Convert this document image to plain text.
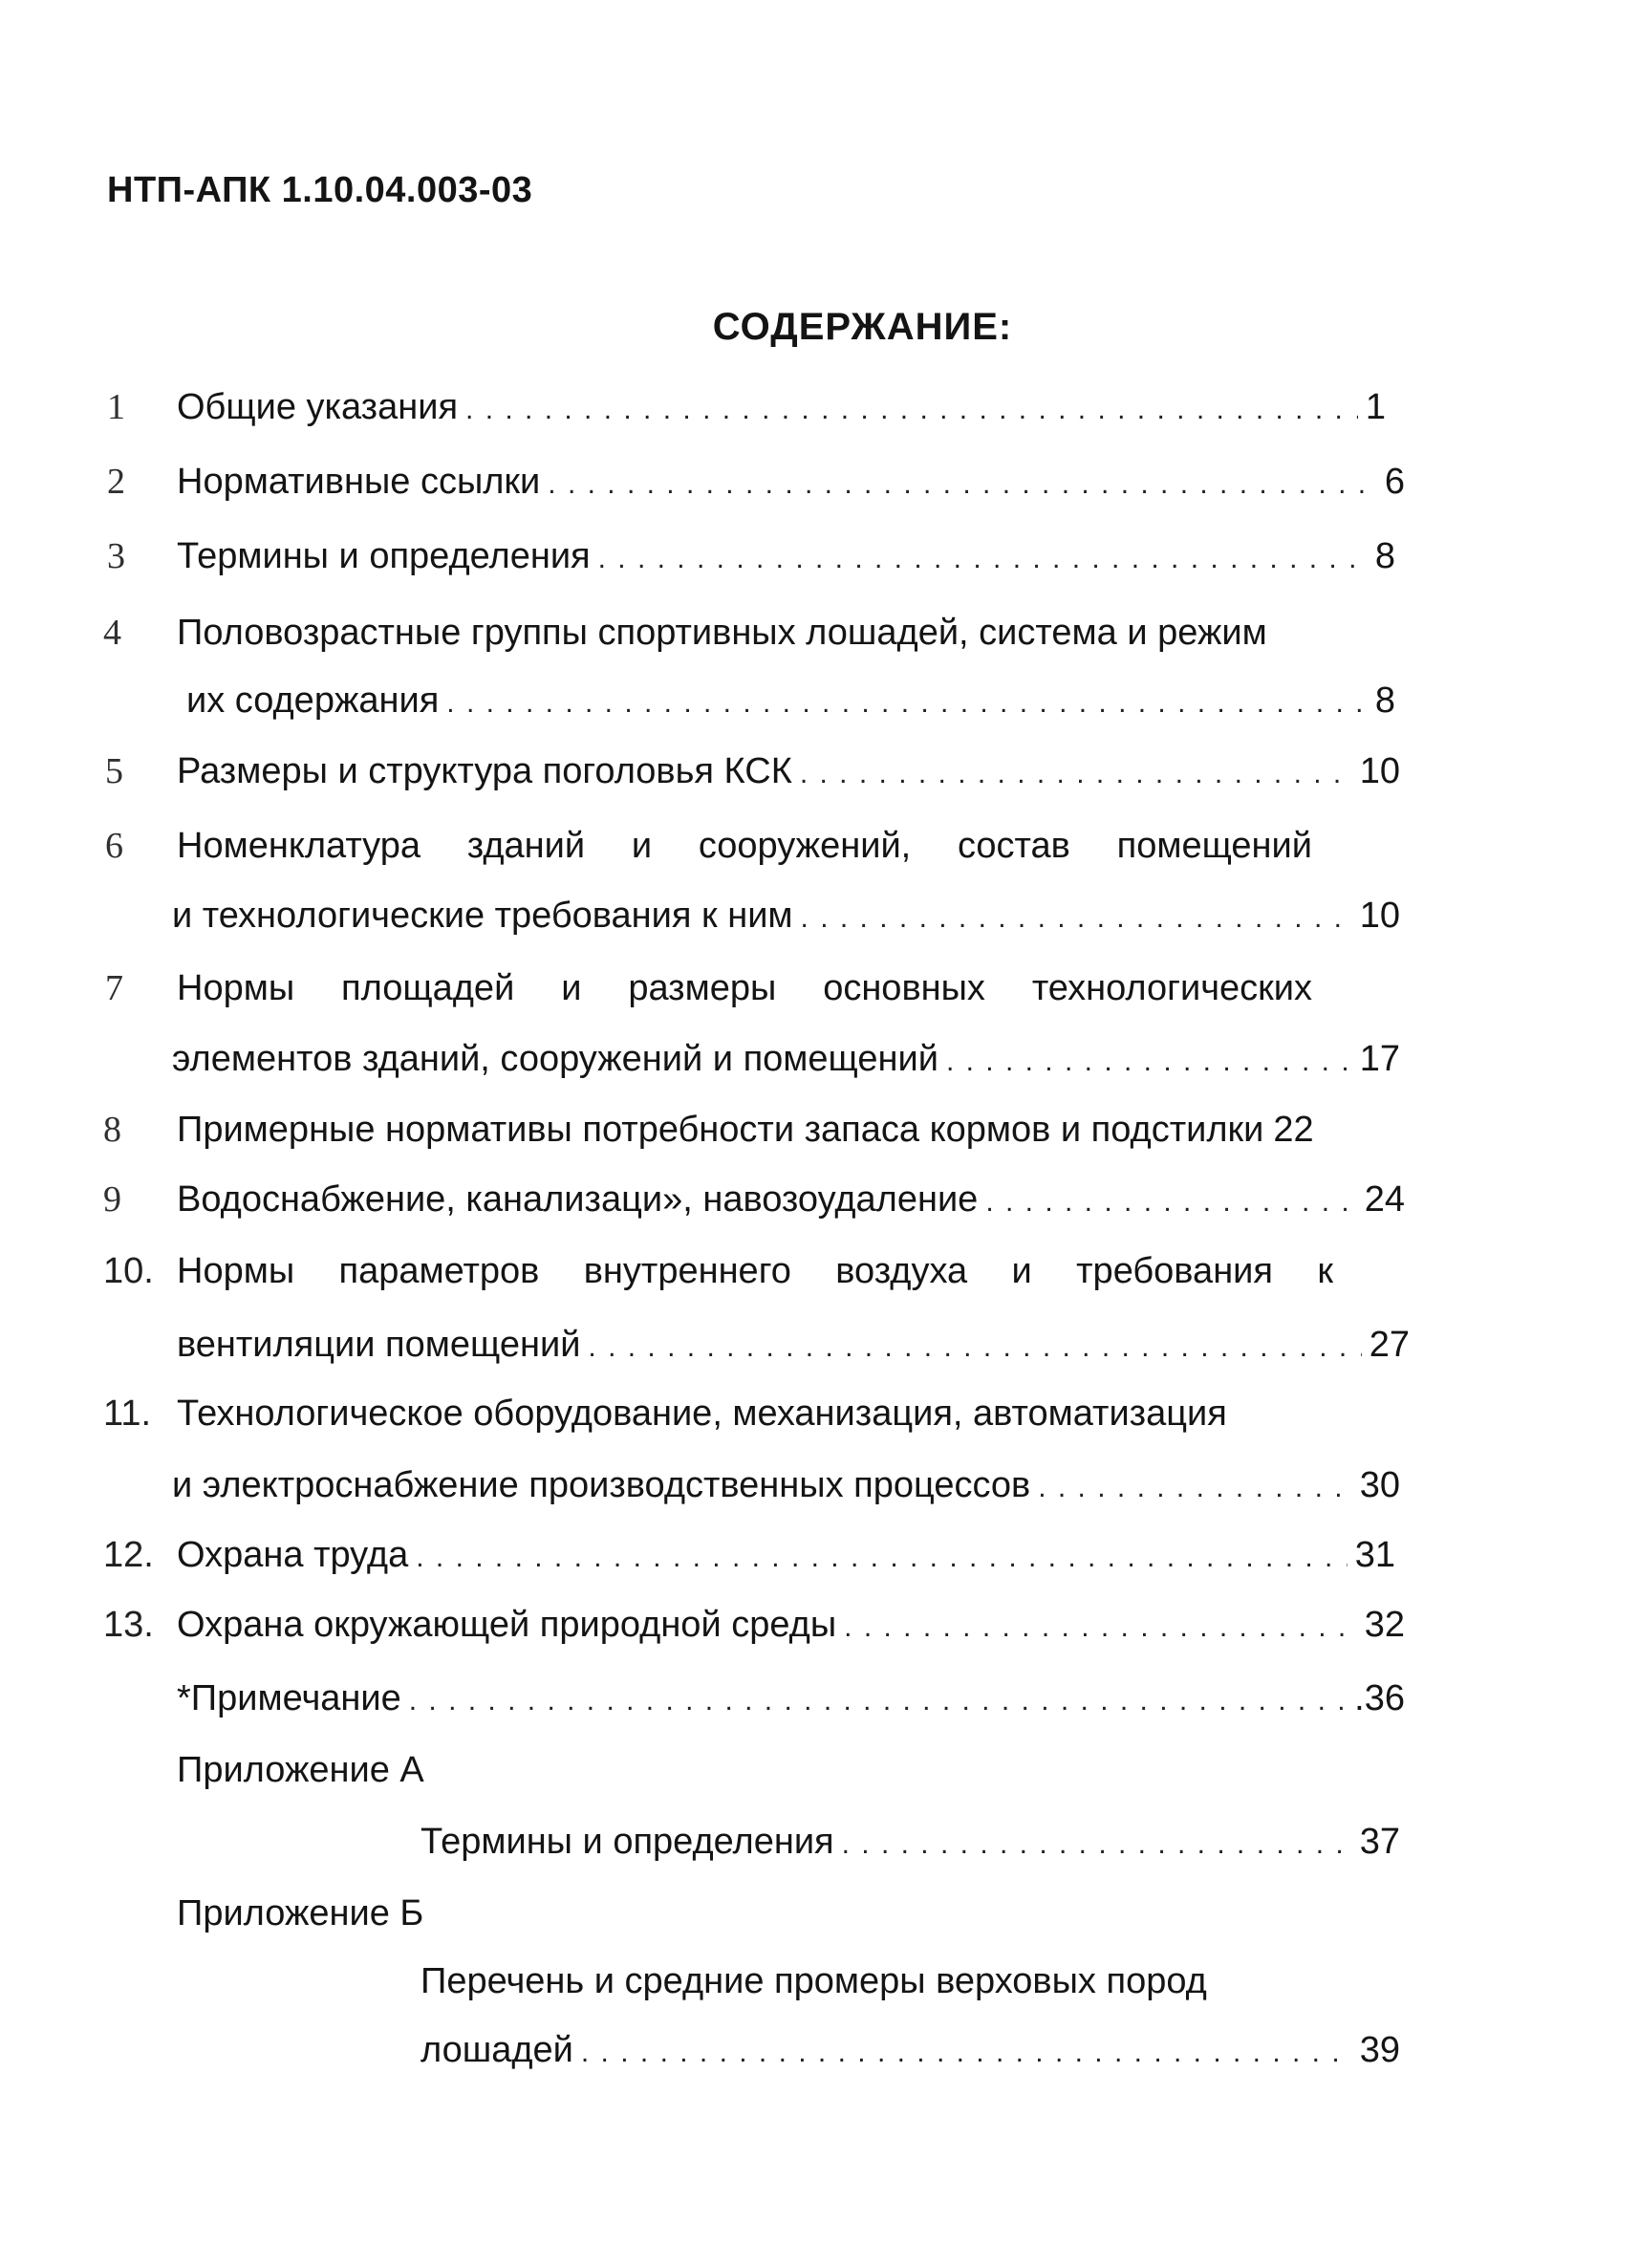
НТП-АПК 1.10.04.003-03
СОДЕРЖАНИЕ:
1 Общие указания . . .	1
2 Нормативные ссылки . . .	6
3 Термины и определения . . .	8
4 Половозрастные группы спортивных лошадей, система и режим
их содержания . . .	8
5 Размеры и структура поголовья КСК . . .	10
6 Номенклатура зданий и сооружений, состав помещений
и технологические требования к ним . . .	10
7 Нормы площадей и размеры основных технологических
элементов зданий, сооружений и помещений . . .	17
8 Примерные нормативы потребности запаса кормов и подстилки 22
9 Водоснабжение, канализаци», навозоудаление . . .	24
10. Нормы параметров внутреннего воздуха и требования к
вентиляции помещений . . .	27
11. Технологическое оборудование, механизация, автоматизация
и электроснабжение производственных процессов . . .	30
12. Охрана труда . . .	31
13. Охрана окружающей природной среды . . .	32
*Примечание . . .	.36
Приложение А
Термины и определения . . .	37
Приложение Б
Перечень и средние промеры верховых пород
лошадей . . .	39
